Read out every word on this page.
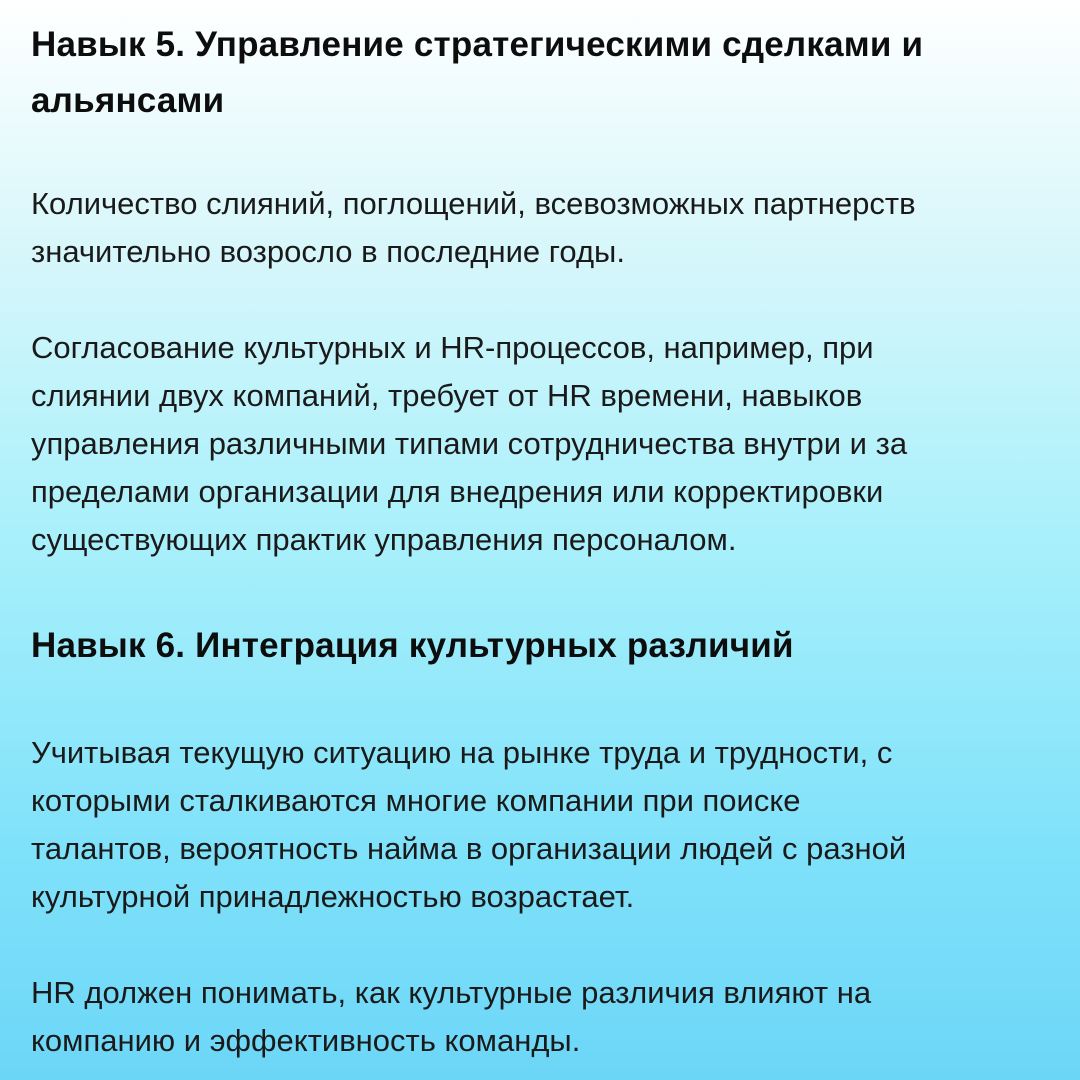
Навык 5. Управление стратегическими сделками и
альянсами

Количество слияний, поглощений, всевозможных партнерств
значительно возросло в последние годы.

Согласование культурных и HR-процессов, например, при
слиянии двух компаний, требует от HR времени, навыков
управления различными типами сотрудничества внутри и за
пределами организации для внедрения или корректировки
существующих практик управления персоналом.

Навык 6. Интеграция культурных различий

Учитывая текущую ситуацию на рынке труда и трудности, с
которыми сталкиваются многие компании при поиске
талантов, вероятность найма в организации людей с разной
культурной принадлежностью возрастает.

HR должен понимать, как культурные различия влияют на
компанию и эффективность команды.
